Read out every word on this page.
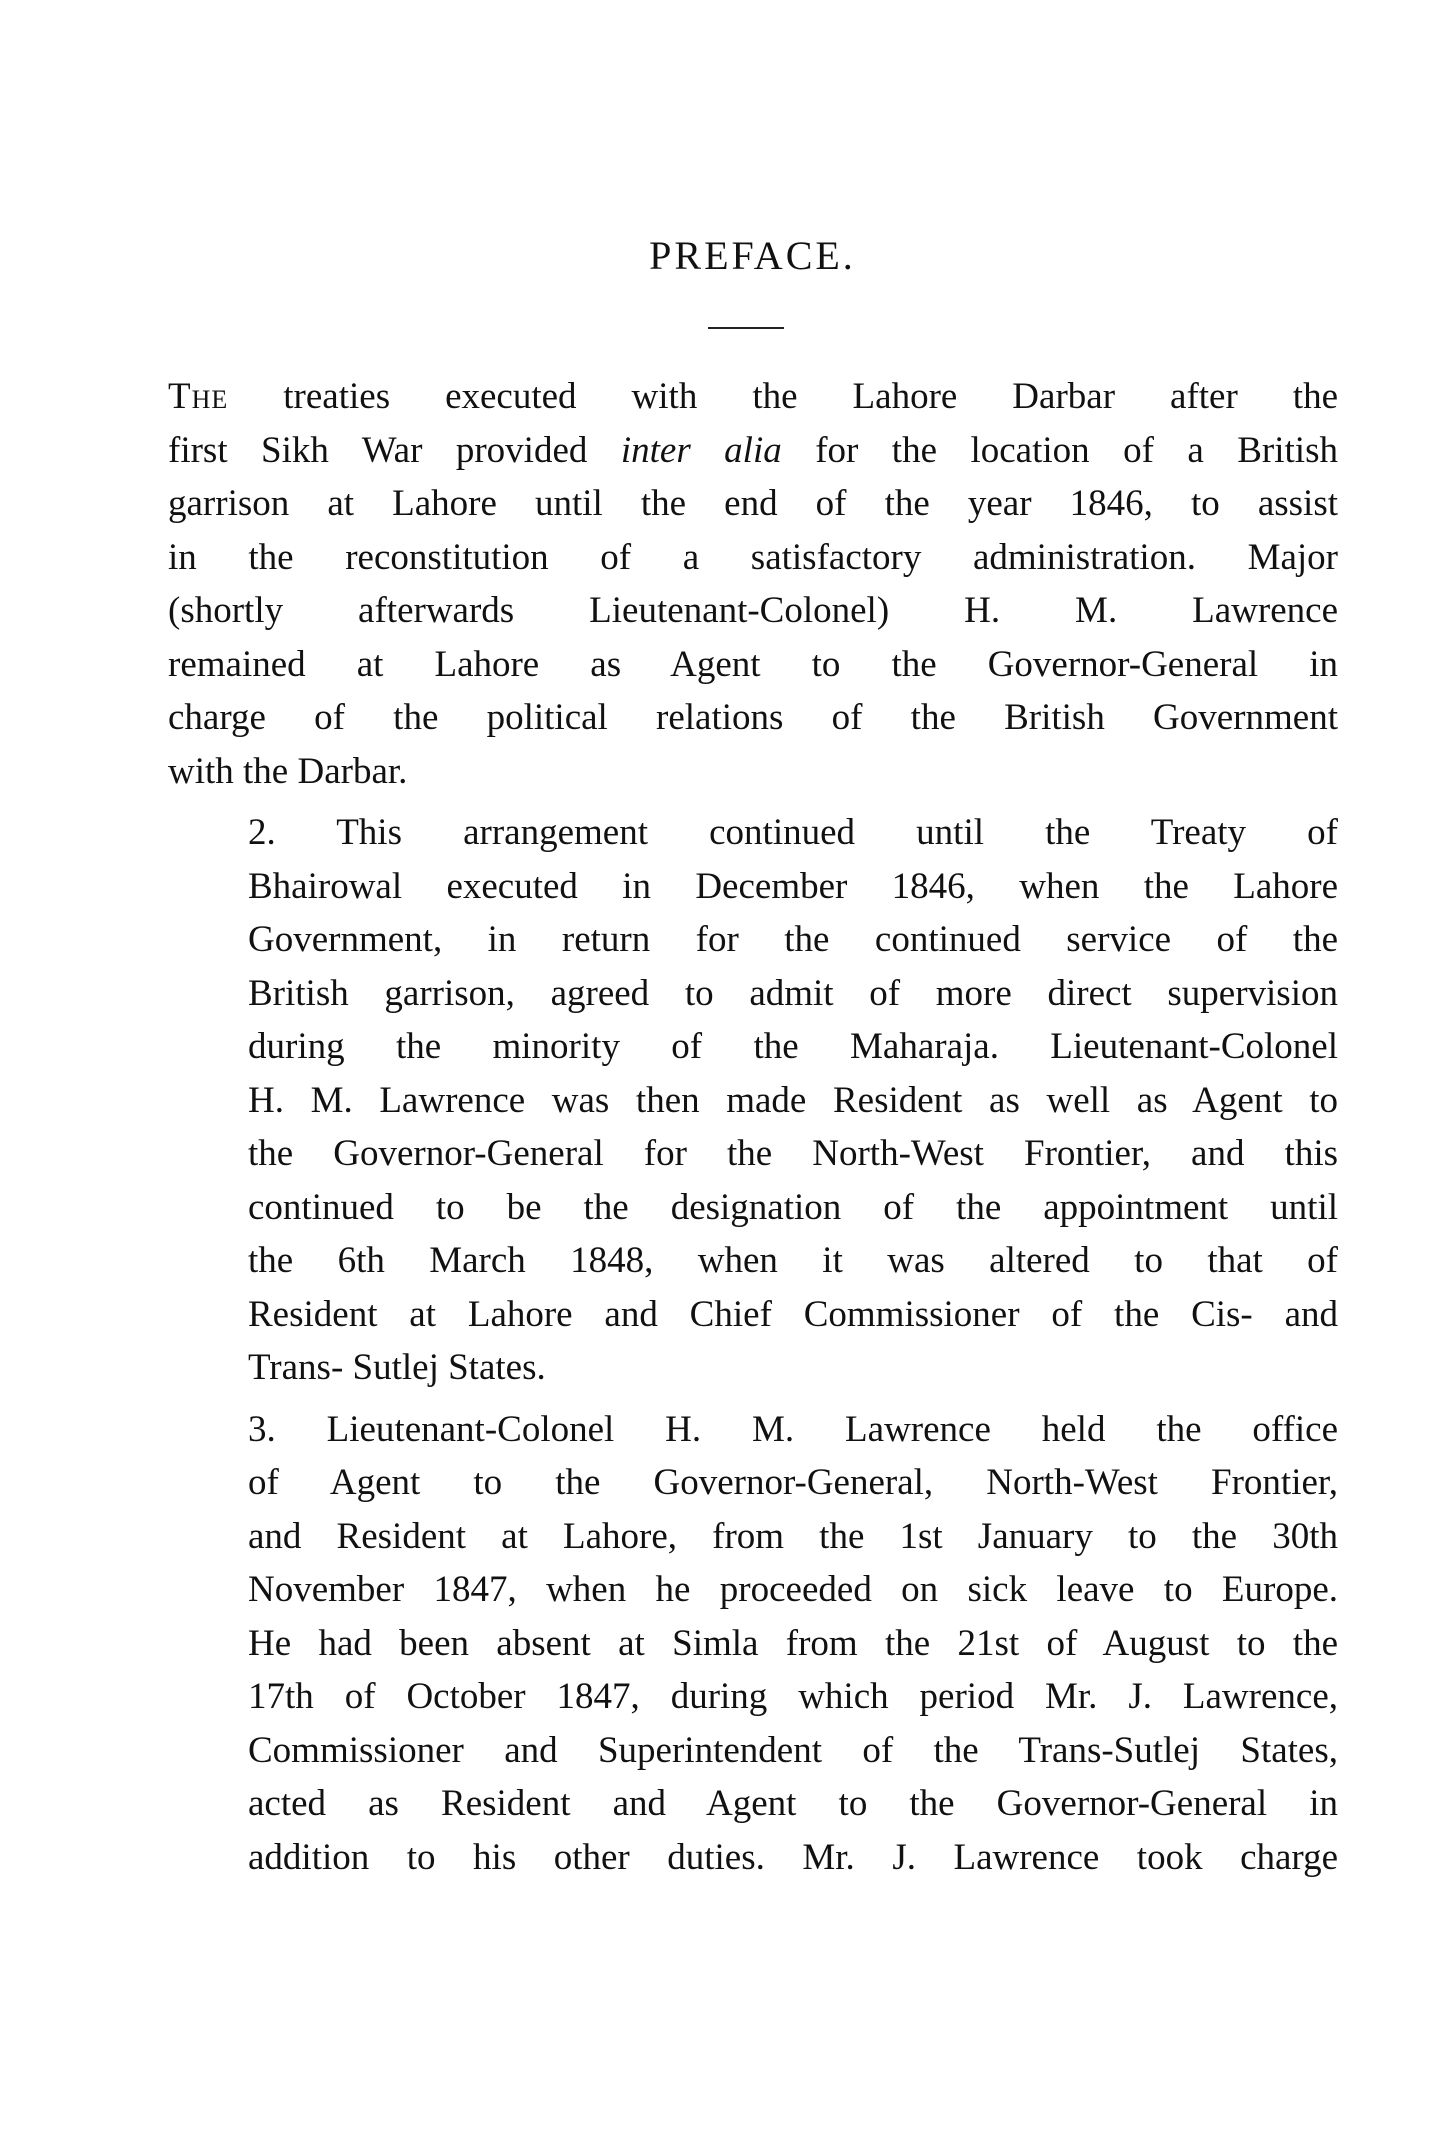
PREFACE.

The treaties executed with the Lahore Darbar after the
first Sikh War provided inter alia for the location of a British
garrison at Lahore until the end of the year 1846, to assist
in the reconstitution of a satisfactory administration. Major
(shortly afterwards Lieutenant-Colonel) H. M. Lawrence
remained at Lahore as Agent to the Governor-General in
charge of the political relations of the British Government
with the Darbar.

2. This arrangement continued until the Treaty of
Bhairowal executed in December 1846, when the Lahore
Government, in return for the continued service of the
British garrison, agreed to admit of more direct supervision
during the minority of the Maharaja. Lieutenant-Colonel
H. M. Lawrence was then made Resident as well as Agent to
the Governor-General for the North-West Frontier, and this
continued to be the designation of the appointment until
the 6th March 1848, when it was altered to that of
Resident at Lahore and Chief Commissioner of the Cis- and
Trans- Sutlej States.

3. Lieutenant-Colonel H. M. Lawrence held the office
of Agent to the Governor-General, North-West Frontier,
and Resident at Lahore, from the 1st January to the 30th
November 1847, when he proceeded on sick leave to Europe.
He had been absent at Simla from the 21st of August to the
17th of October 1847, during which period Mr. J. Lawrence,
Commissioner and Superintendent of the Trans-Sutlej States,
acted as Resident and Agent to the Governor-General in
addition to his other duties. Mr. J. Lawrence took charge
